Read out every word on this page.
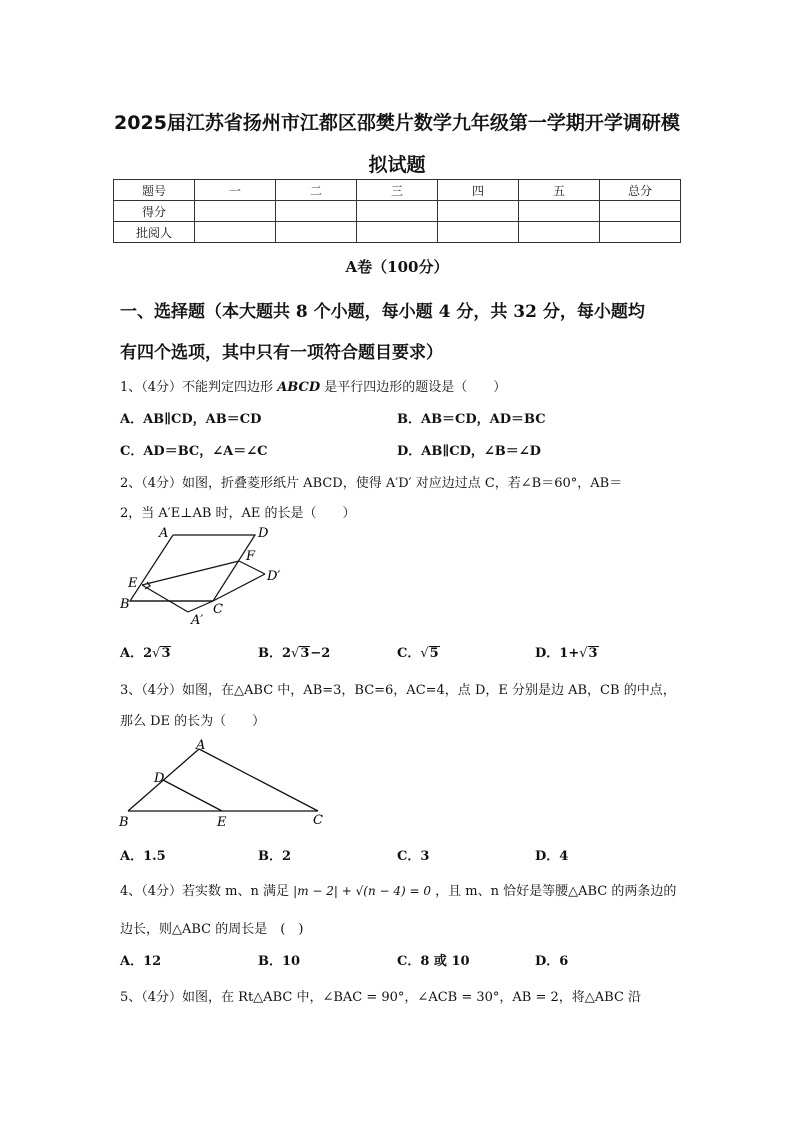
2025届江苏省扬州市江都区邵樊片数学九年级第一学期开学调研模
拟试题
题号	一	二	三	四	五	总分
得分						
批阅人						
A卷（100分）
一、选择题（本大题共 8 个小题，每小题 4 分，共 32 分，每小题均
有四个选项，其中只有一项符合题目要求）
1、（4分）不能判定四边形 ABCD 是平行四边形的题设是（　　）
A．AB∥CD，AB＝CD	B．AB＝CD，AD＝BC
C．AD＝BC，∠A＝∠C	D．AB∥CD，∠B＝∠D
2、（4分）如图，折叠菱形纸片 ABCD，使得 A′D′ 对应边过点 C，若∠B＝60°，AB＝
2，当 A′E⊥AB 时，AE 的长是（　　）
A	D
F
D′
E
B	C
A′
A．2√3	B．2√3−2	C．√5	D．1+√3
3、（4分）如图，在△ABC 中，AB=3，BC=6，AC=4，点 D，E 分别是边 AB，CB 的中点，
那么 DE 的长为（　　）
A
D
B	E	C
A．1.5	B．2	C．3	D．4
4、（4分）若实数 m、n 满足 |m − 2| + √(n − 4) = 0 ，且 m、n 恰好是等腰△ABC 的两条边的
边长，则△ABC 的周长是　(　)
A．12	B．10	C．8 或 10	D．6
5、（4分）如图，在 Rt△ABC 中，∠BAC = 90°，∠ACB = 30°，AB = 2，将△ABC 沿
